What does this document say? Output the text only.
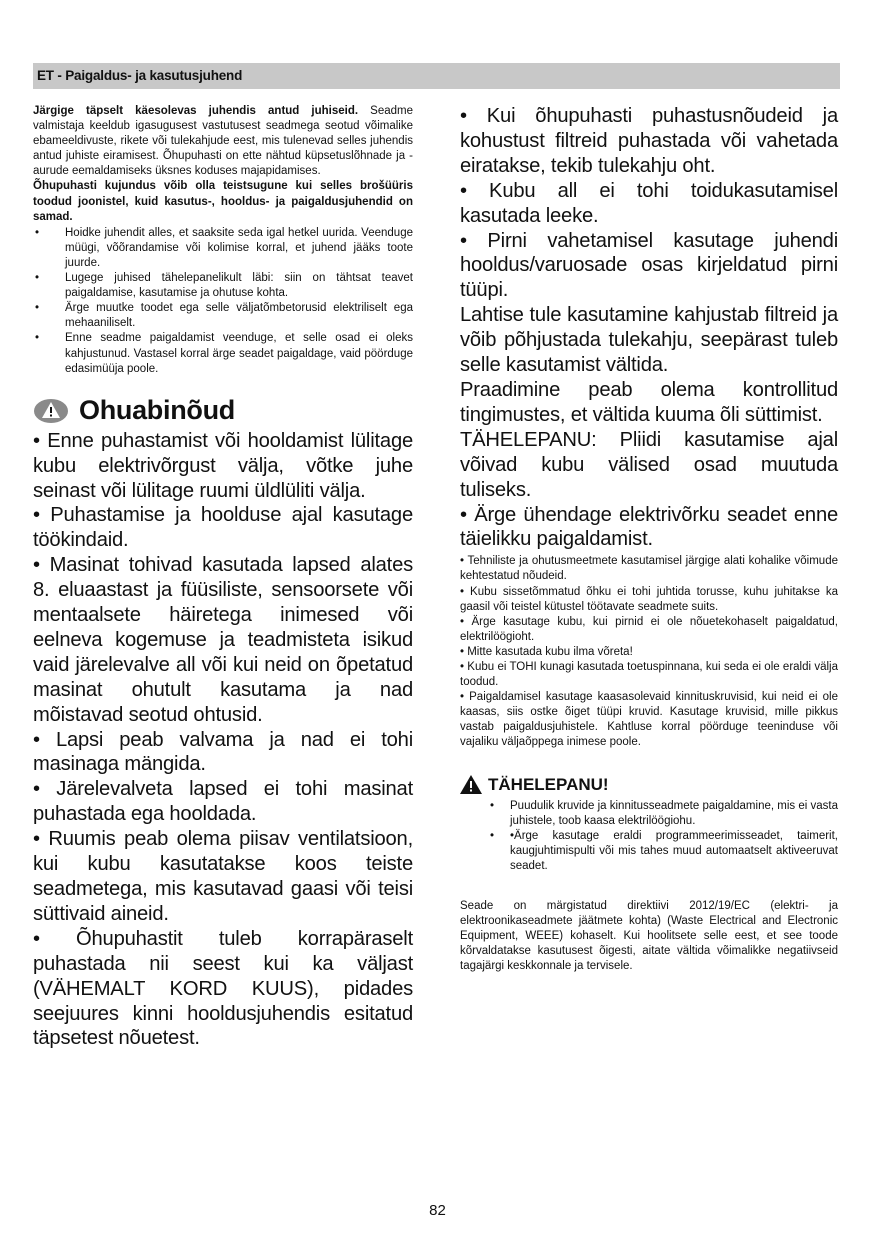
ET - Paigaldus- ja kasutusjuhend

Järgige täpselt käesolevas juhendis antud juhiseid. Seadme valmistaja keeldub igasugusest vastutusest seadmega seotud võimalike ebameeldivuste, rikete või tulekahjude eest, mis tulenevad selles juhendis antud juhiste eiramisest. Õhupuhasti on ette nähtud küpsetuslõhnade ja -aurude eemaldamiseks üksnes koduses majapidamises.

Õhupuhasti kujundus võib olla teistsugune kui selles brošüüris toodud joonistel, kuid kasutus-, hooldus- ja paigaldusjuhendid on samad.

• Hoidke juhendit alles, et saaksite seda igal hetkel uurida. Veenduge müügi, võõrandamise või kolimise korral, et juhend jääks toote juurde.
• Lugege juhised tähelepanelikult läbi: siin on tähtsat teavet paigaldamise, kasutamise ja ohutuse kohta.
• Ärge muutke toodet ega selle väljatõmbetorusid elektriliselt ega mehaaniliselt.
• Enne seadme paigaldamist veenduge, et selle osad ei oleks kahjustunud. Vastasel korral ärge seadet paigaldage, vaid pöörduge edasimüüja poole.
Ohuabinõud

• Enne puhastamist või hooldamist lülitage kubu elektrivõrgust välja, võtke juhe seinast või lülitage ruumi üldlüliti välja.

• Puhastamise ja hoolduse ajal kasutage töökindaid.

• Masinat tohivad kasutada lapsed alates 8. eluaastast ja füüsiliste, sensoorsete või mentaalsete häiretega inimesed või eelneva kogemuse ja teadmisteta isikud vaid järelevalve all või kui neid on õpetatud masinat ohutult kasutama ja nad mõistavad seotud ohtusid.

• Lapsi peab valvama ja nad ei tohi masinaga mängida.

• Järelevalveta lapsed ei tohi masinat puhastada ega hooldada.

• Ruumis peab olema piisav ventilatsioon, kui kubu kasutatakse koos teiste seadmetega, mis kasutavad gaasi või teisi süttivaid aineid.

• Õhupuhastit tuleb korrapäraselt puhastada nii seest kui ka väljast (VÄHEMALT KORD KUUS), pidades seejuures kinni hooldusjuhendis esitatud täpsetest nõuetest.

• Kui õhupuhasti puhastusnõudeid ja kohustust filtreid puhastada või vahetada eiratakse, tekib tulekahju oht.

• Kubu all ei tohi toidukasutamisel kasutada leeke.

• Pirni vahetamisel kasutage juhendi hooldus/varuosade osas kirjeldatud pirni tüüpi.

Lahtise tule kasutamine kahjustab filtreid ja võib põhjustada tulekahju, seepärast tuleb selle kasutamist vältida.

Praadimine peab olema kontrollitud tingimustes, et vältida kuuma õli süttimist.

TÄHELEPANU: Pliidi kasutamise ajal võivad kubu välised osad muutuda tuliseks.

• Ärge ühendage elektrivõrku seadet enne täielikku paigaldamist.

• Tehniliste ja ohutusmeetmete kasutamisel järgige alati kohalike võimude kehtestatud nõudeid.

• Kubu sissetõmmatud õhku ei tohi juhtida torusse, kuhu juhitakse ka gaasil või teistel kütustel töötavate seadmete suits.

• Ärge kasutage kubu, kui pirnid ei ole nõuetekohaselt paigaldatud, elektrilöögioht.

• Mitte kasutada kubu ilma võreta!

• Kubu ei TOHI kunagi kasutada toetuspinnana, kui seda ei ole eraldi välja toodud.

• Paigaldamisel kasutage kaasasolevaid kinnituskruvisid, kui neid ei ole kaasas, siis ostke õiget tüüpi kruvid. Kasutage kruvisid, mille pikkus vastab paigaldusjuhistele. Kahtluse korral pöörduge teeninduse või vajaliku väljaõppega inimese poole.

TÄHELEPANU!
• Puudulik kruvide ja kinnitusseadmete paigaldamine, mis ei vasta juhistele, toob kaasa elektrilöögiohu.
• •Ärge kasutage eraldi programmeerimisseadet, taimerit, kaugjuhtimispulti või mis tahes muud automaatselt aktiveeruvat seadet.

Seade on märgistatud direktiivi 2012/19/EC (elektri- ja elektroonikaseadmete jäätmete kohta) (Waste Electrical and Electronic Equipment, WEEE) kohaselt. Kui hoolitsete selle eest, et see toode kõrvaldatakse kasutusest õigesti, aitate vältida võimalikke negatiivseid tagajärgi keskkonnale ja tervisele.

82
